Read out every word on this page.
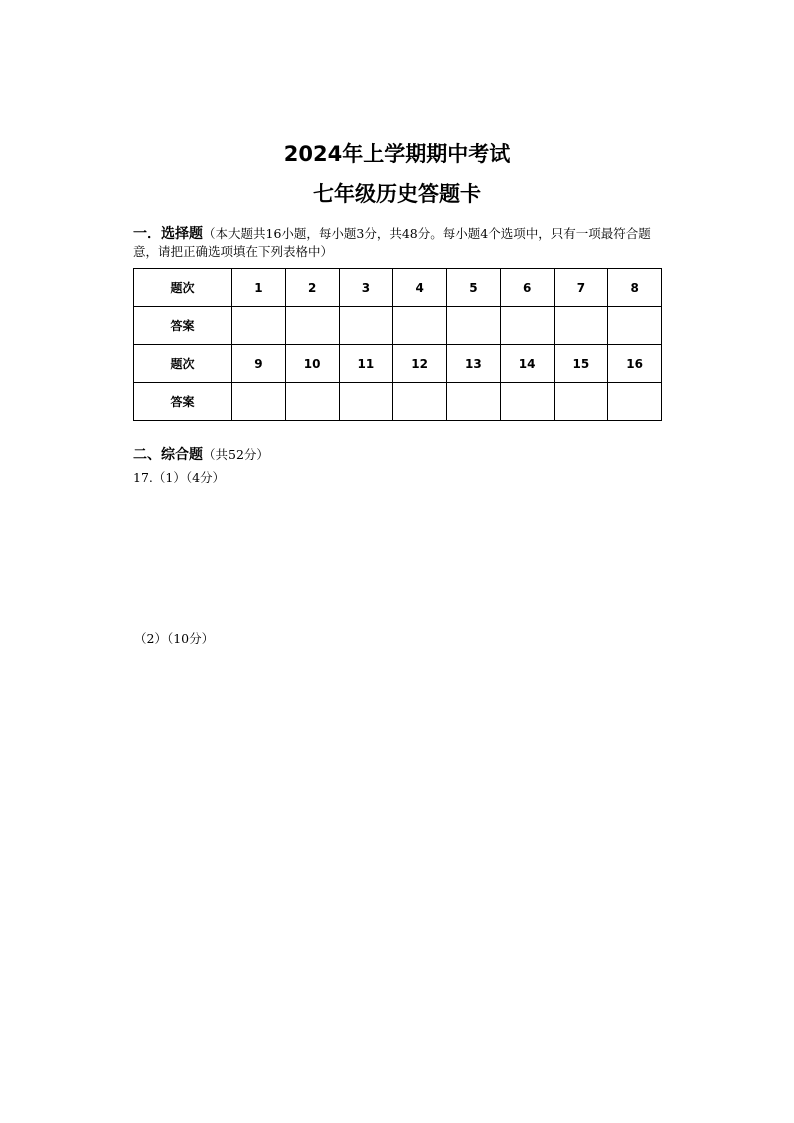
2024年上学期期中考试
七年级历史答题卡

一．选择题（本大题共16小题，每小题3分，共48分。每小题4个选项中，只有一项最符合题意，请把正确选项填在下列表格中）

题次	1	2	3	4	5	6	7	8
答案								
题次	9	10	11	12	13	14	15	16
答案								

二、综合题（共52分）

17.（1）（4分）

（2）（10分）
